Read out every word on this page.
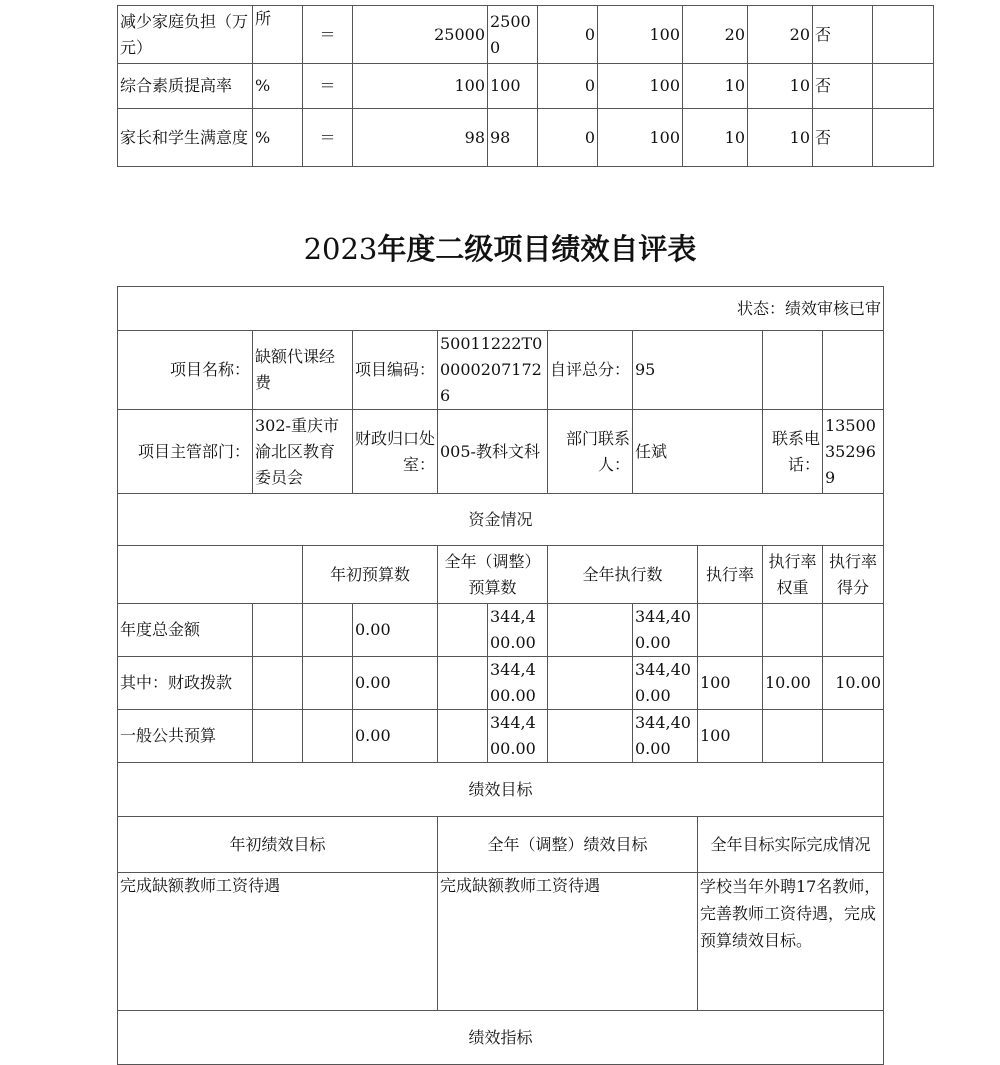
减少家庭负担（万元）	所	＝	25000	25000	0	100	20	20	否	
综合素质提高率	%	＝	100	100	0	100	10	10	否	
家长和学生满意度	%	＝	98	98	0	100	10	10	否	
2023年度二级项目绩效自评表
状态：绩效审核已审										
项目名称：	缺额代课经费		项目编码：	50011222T000002071726		自评总分：	95			
项目主管部门：	302-重庆市渝北区教育委员会		财政归口处室：	005-教科文科		部门联系人：	任斌		联系电话：	13500352969
资金情况										
		年初预算数		全年（调整）预算数		全年执行数		执行率	执行率权重	执行率得分
年度总金额			0.00		344,400.00		344,400.00			
其中：财政拨款			0.00		344,400.00		344,400.00	100	10.00	10.00
一般公共预算			0.00		344,400.00		344,400.00	100		
绩效目标										
年初绩效目标				全年（调整）绩效目标				全年目标实际完成情况		
完成缺额教师工资待遇				完成缺额教师工资待遇				学校当年外聘17名教师，完善教师工资待遇，完成预算绩效目标。		
绩效指标										
